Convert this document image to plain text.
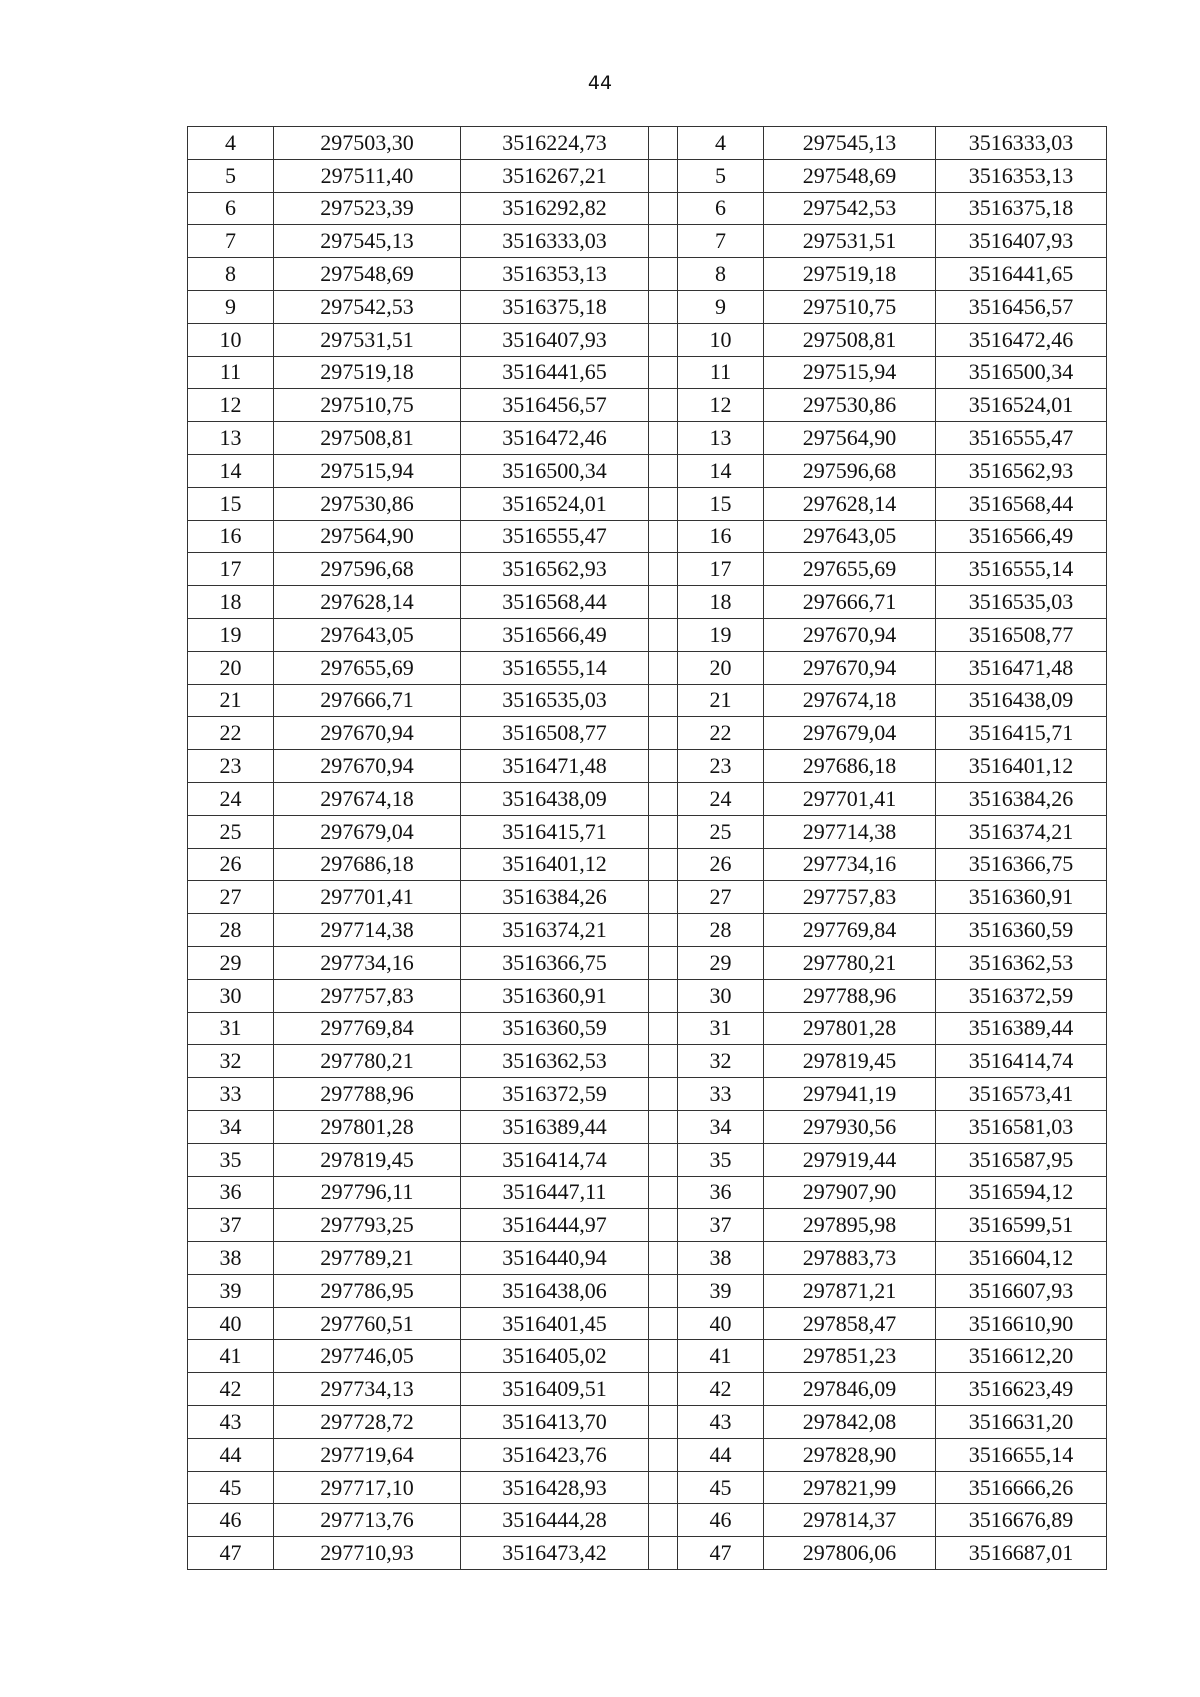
44
4	297503,30	3516224,73		4	297545,13	3516333,03
5	297511,40	3516267,21		5	297548,69	3516353,13
6	297523,39	3516292,82		6	297542,53	3516375,18
7	297545,13	3516333,03		7	297531,51	3516407,93
8	297548,69	3516353,13		8	297519,18	3516441,65
9	297542,53	3516375,18		9	297510,75	3516456,57
10	297531,51	3516407,93		10	297508,81	3516472,46
11	297519,18	3516441,65		11	297515,94	3516500,34
12	297510,75	3516456,57		12	297530,86	3516524,01
13	297508,81	3516472,46		13	297564,90	3516555,47
14	297515,94	3516500,34		14	297596,68	3516562,93
15	297530,86	3516524,01		15	297628,14	3516568,44
16	297564,90	3516555,47		16	297643,05	3516566,49
17	297596,68	3516562,93		17	297655,69	3516555,14
18	297628,14	3516568,44		18	297666,71	3516535,03
19	297643,05	3516566,49		19	297670,94	3516508,77
20	297655,69	3516555,14		20	297670,94	3516471,48
21	297666,71	3516535,03		21	297674,18	3516438,09
22	297670,94	3516508,77		22	297679,04	3516415,71
23	297670,94	3516471,48		23	297686,18	3516401,12
24	297674,18	3516438,09		24	297701,41	3516384,26
25	297679,04	3516415,71		25	297714,38	3516374,21
26	297686,18	3516401,12		26	297734,16	3516366,75
27	297701,41	3516384,26		27	297757,83	3516360,91
28	297714,38	3516374,21		28	297769,84	3516360,59
29	297734,16	3516366,75		29	297780,21	3516362,53
30	297757,83	3516360,91		30	297788,96	3516372,59
31	297769,84	3516360,59		31	297801,28	3516389,44
32	297780,21	3516362,53		32	297819,45	3516414,74
33	297788,96	3516372,59		33	297941,19	3516573,41
34	297801,28	3516389,44		34	297930,56	3516581,03
35	297819,45	3516414,74		35	297919,44	3516587,95
36	297796,11	3516447,11		36	297907,90	3516594,12
37	297793,25	3516444,97		37	297895,98	3516599,51
38	297789,21	3516440,94		38	297883,73	3516604,12
39	297786,95	3516438,06		39	297871,21	3516607,93
40	297760,51	3516401,45		40	297858,47	3516610,90
41	297746,05	3516405,02		41	297851,23	3516612,20
42	297734,13	3516409,51		42	297846,09	3516623,49
43	297728,72	3516413,70		43	297842,08	3516631,20
44	297719,64	3516423,76		44	297828,90	3516655,14
45	297717,10	3516428,93		45	297821,99	3516666,26
46	297713,76	3516444,28		46	297814,37	3516676,89
47	297710,93	3516473,42		47	297806,06	3516687,01
